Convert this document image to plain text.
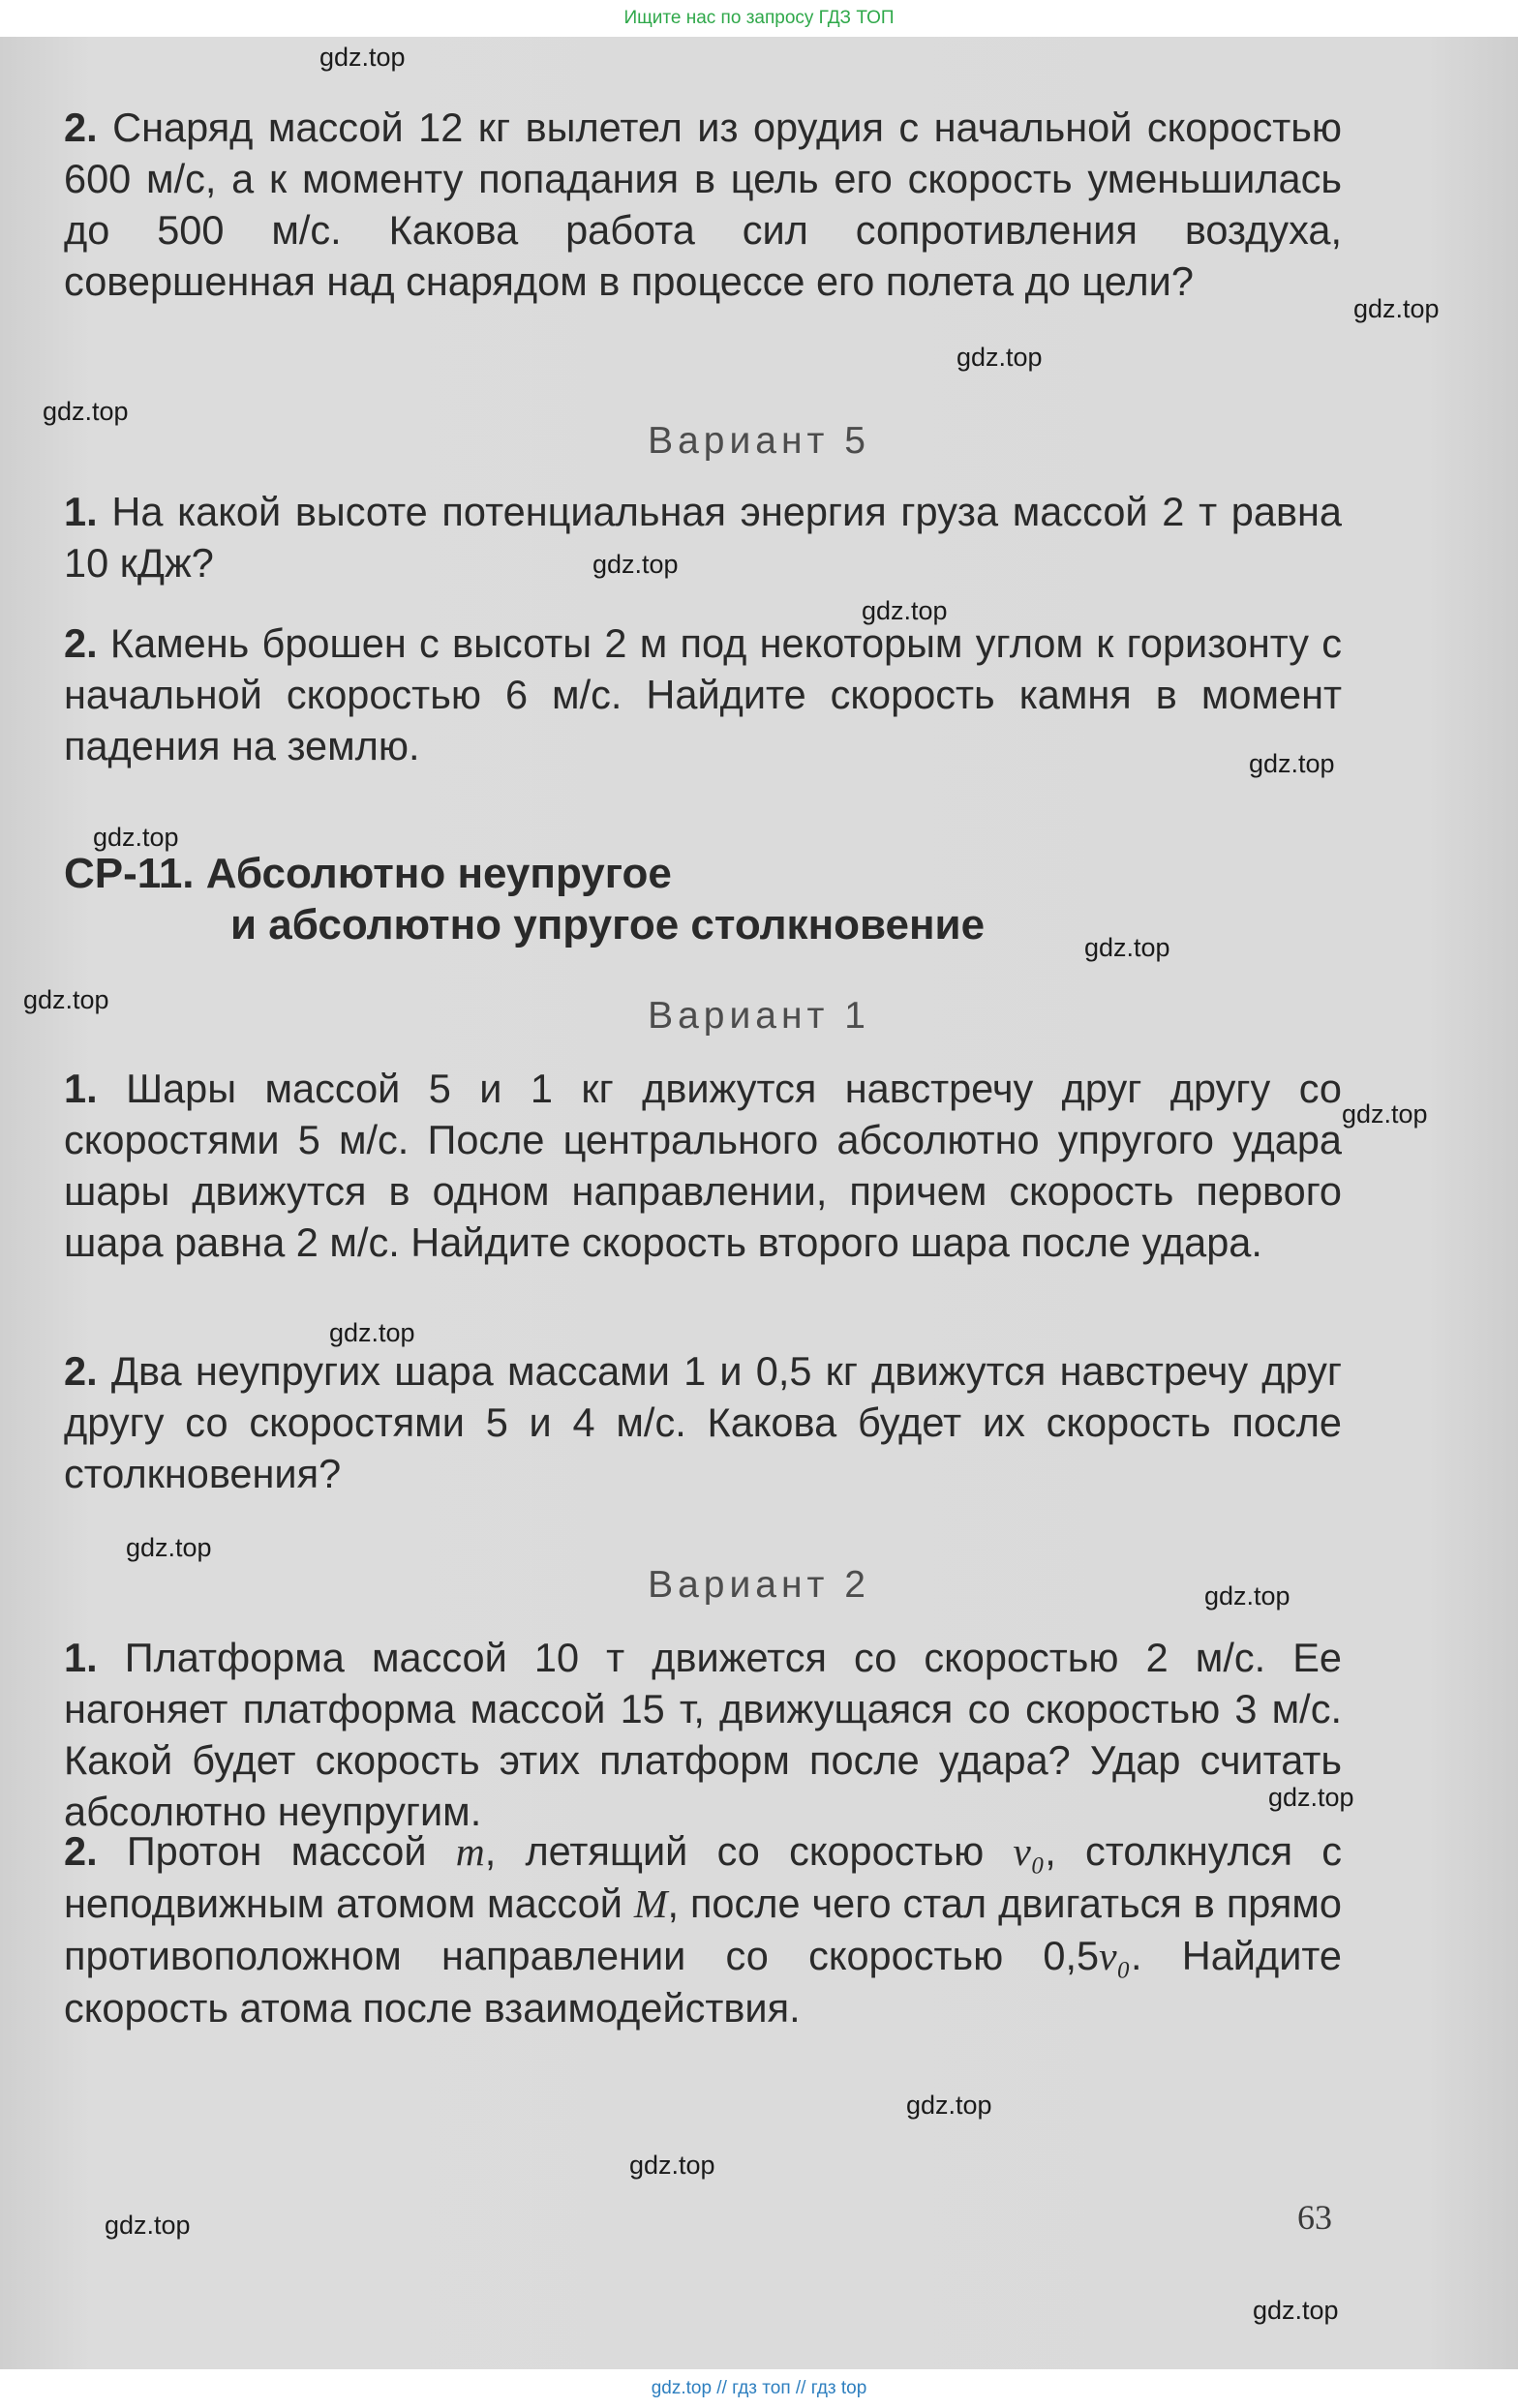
Ищите нас по запросу ГДЗ ТОП
2. Снаряд массой 12 кг вылетел из орудия с начальной скоростью 600 м/с, а к моменту попадания в цель его скорость уменьшилась до 500 м/с. Какова работа сил сопротивления воздуха, совершенная над снарядом в процессе его полета до цели?
Вариант 5
1. На какой высоте потенциальная энергия груза массой 2 т равна 10 кДж?
2. Камень брошен с высоты 2 м под некоторым углом к горизонту с начальной скоростью 6 м/с. Найдите скорость камня в момент падения на землю.
СР-11. Абсолютно неупругое
и абсолютно упругое столкновение
Вариант 1
1. Шары массой 5 и 1 кг движутся навстречу друг другу со скоростями 5 м/с. После центрального абсолютно упругого удара шары движутся в одном направлении, причем скорость первого шара равна 2 м/с. Найдите скорость второго шара после удара.
2. Два неупругих шара массами 1 и 0,5 кг движутся навстречу друг другу со скоростями 5 и 4 м/с. Какова будет их скорость после столкновения?
Вариант 2
1. Платформа массой 10 т движется со скоростью 2 м/с. Ее нагоняет платформа массой 15 т, движущаяся со скоростью 3 м/с. Какой будет скорость этих платформ после удара? Удар считать абсолютно неупругим.
2. Протон массой m, летящий со скоростью v₀, столкнулся с неподвижным атомом массой M, после чего стал двигаться в прямо противоположном направлении со скоростью 0,5v₀. Найдите скорость атома после взаимодействия.
63
gdz.top
gdz.top
gdz.top
gdz.top
gdz.top
gdz.top
gdz.top
gdz.top
gdz.top
gdz.top
gdz.top
gdz.top
gdz.top
gdz.top
gdz.top
gdz.top
gdz.top
gdz.top
gdz.top
gdz.top // гдз топ // гдз top
